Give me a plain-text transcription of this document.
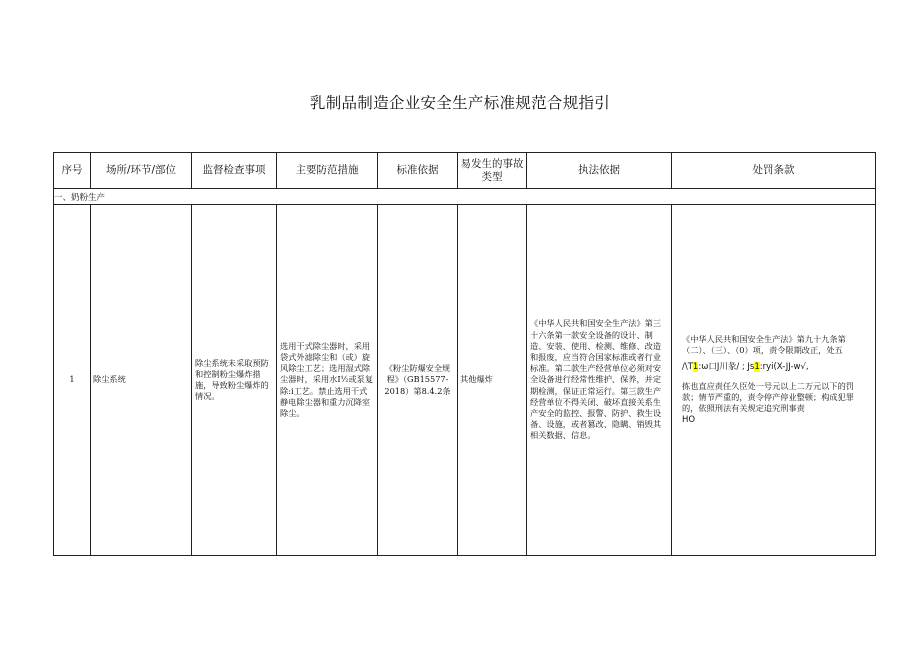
乳制品制造企业安全生产标准规范合规指引
序号	场所/环节/部位	监督检查事项	主要防范措施	标准依据	易发生的事故类型	执法依据	处罚条款
一、奶粉生产							
1	除尘系统	除尘系统未采取预防和控制粉尘爆炸措施，导致粉尘爆炸的情况。	选用干式除尘器时，采用袋式外滤除尘和（或）旋风除尘工艺；选用湿式除尘器时，采用水Ⅰ½或泵复除:i工艺。禁止选用干式静电除尘器和重力沉降室除尘。	《粉尘防爆安全规程》（GB15577-2018）第8.4.2条	其他爆炸	《中华人民共和国安全生产法》第三十六条第一款安全设备的设计、制造、安装、使用、检测、维修、改造和报废，应当符合国家标准或者行业标准。第二款生产经营单位必须对安全设备进行经常性维护、保养，并定期检测，保证正常运行。第三款生产经营单位不得关闭、破坏直接关系生产安全的监控、报警、防护、救生设备、设施，或者篡改、隐瞒、销毁其相关数据、信息。	《中华人民共和国安全生产法》第九十九条第（二）、（三）、（0）项，责令限期改正，处五

/\T1:ω口J川彖/ ; Js1:ryi(X-JJ-w√,

拣也直应责任久臣处一号元以上二万元以下的罚款；情节严重的，责令停产停业整顿；构成犯罪的，依照刑法有关规定追究刑事责

HO
